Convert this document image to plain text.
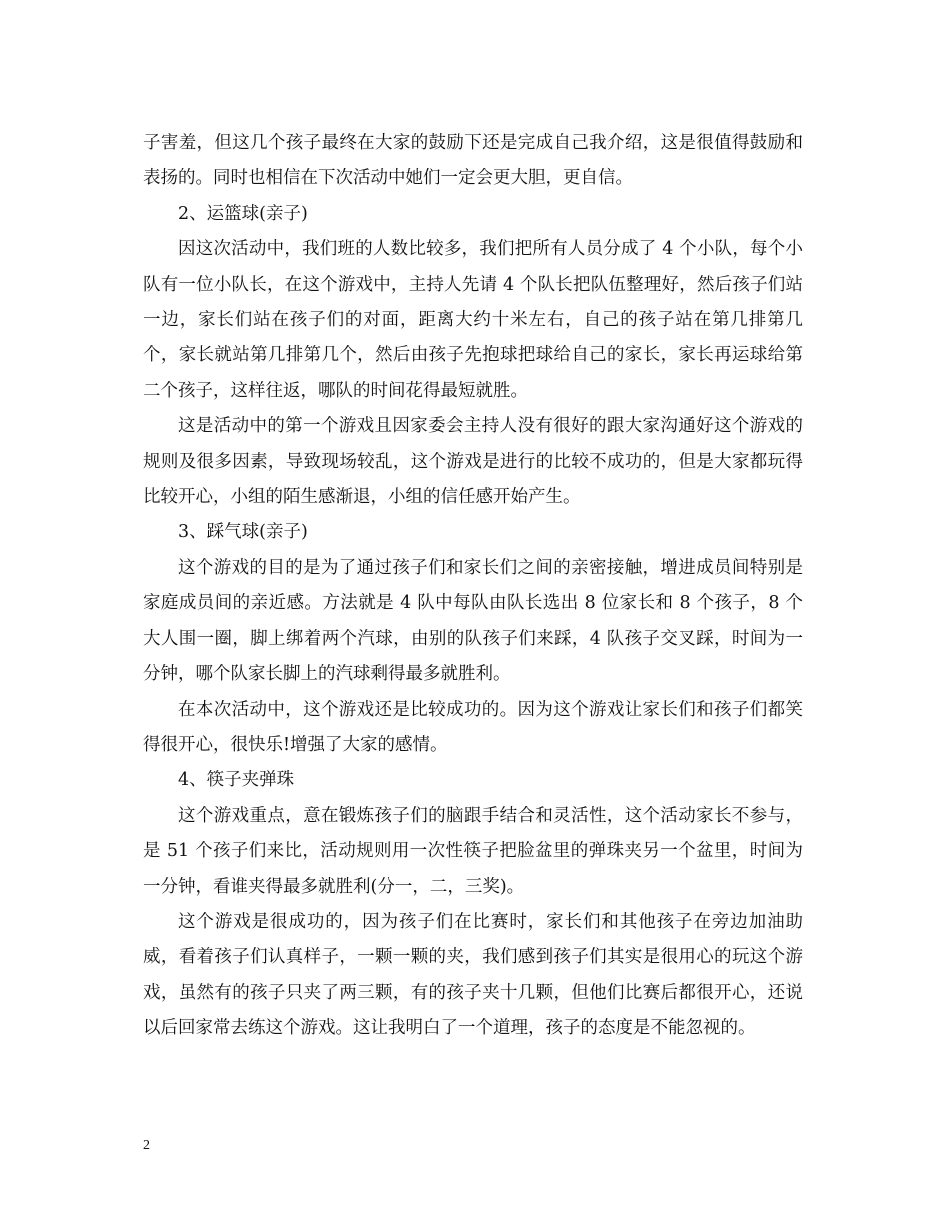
子害羞，但这几个孩子最终在大家的鼓励下还是完成自己我介绍，这是很值得鼓励和表扬的。同时也相信在下次活动中她们一定会更大胆，更自信。

2、运篮球(亲子)

因这次活动中，我们班的人数比较多，我们把所有人员分成了 4 个小队，每个小队有一位小队长，在这个游戏中，主持人先请 4 个队长把队伍整理好，然后孩子们站一边，家长们站在孩子们的对面，距离大约十米左右，自己的孩子站在第几排第几个，家长就站第几排第几个，然后由孩子先抱球把球给自己的家长，家长再运球给第二个孩子，这样往返，哪队的时间花得最短就胜。

这是活动中的第一个游戏且因家委会主持人没有很好的跟大家沟通好这个游戏的规则及很多因素，导致现场较乱，这个游戏是进行的比较不成功的，但是大家都玩得比较开心，小组的陌生感渐退，小组的信任感开始产生。

3、踩气球(亲子)

这个游戏的目的是为了通过孩子们和家长们之间的亲密接触，增进成员间特别是家庭成员间的亲近感。方法就是 4 队中每队由队长选出 8 位家长和 8 个孩子，8 个大人围一圈，脚上绑着两个汽球，由别的队孩子们来踩，4 队孩子交叉踩，时间为一分钟，哪个队家长脚上的汽球剩得最多就胜利。

在本次活动中，这个游戏还是比较成功的。因为这个游戏让家长们和孩子们都笑得很开心，很快乐!增强了大家的感情。

4、筷子夹弹珠

这个游戏重点，意在锻炼孩子们的脑跟手结合和灵活性，这个活动家长不参与，是 51 个孩子们来比，活动规则用一次性筷子把脸盆里的弹珠夹另一个盆里，时间为一分钟，看谁夹得最多就胜利(分一，二，三奖)。

这个游戏是很成功的，因为孩子们在比赛时，家长们和其他孩子在旁边加油助威，看着孩子们认真样子，一颗一颗的夹，我们感到孩子们其实是很用心的玩这个游戏，虽然有的孩子只夹了两三颗，有的孩子夹十几颗，但他们比赛后都很开心，还说以后回家常去练这个游戏。这让我明白了一个道理，孩子的态度是不能忽视的。

2
